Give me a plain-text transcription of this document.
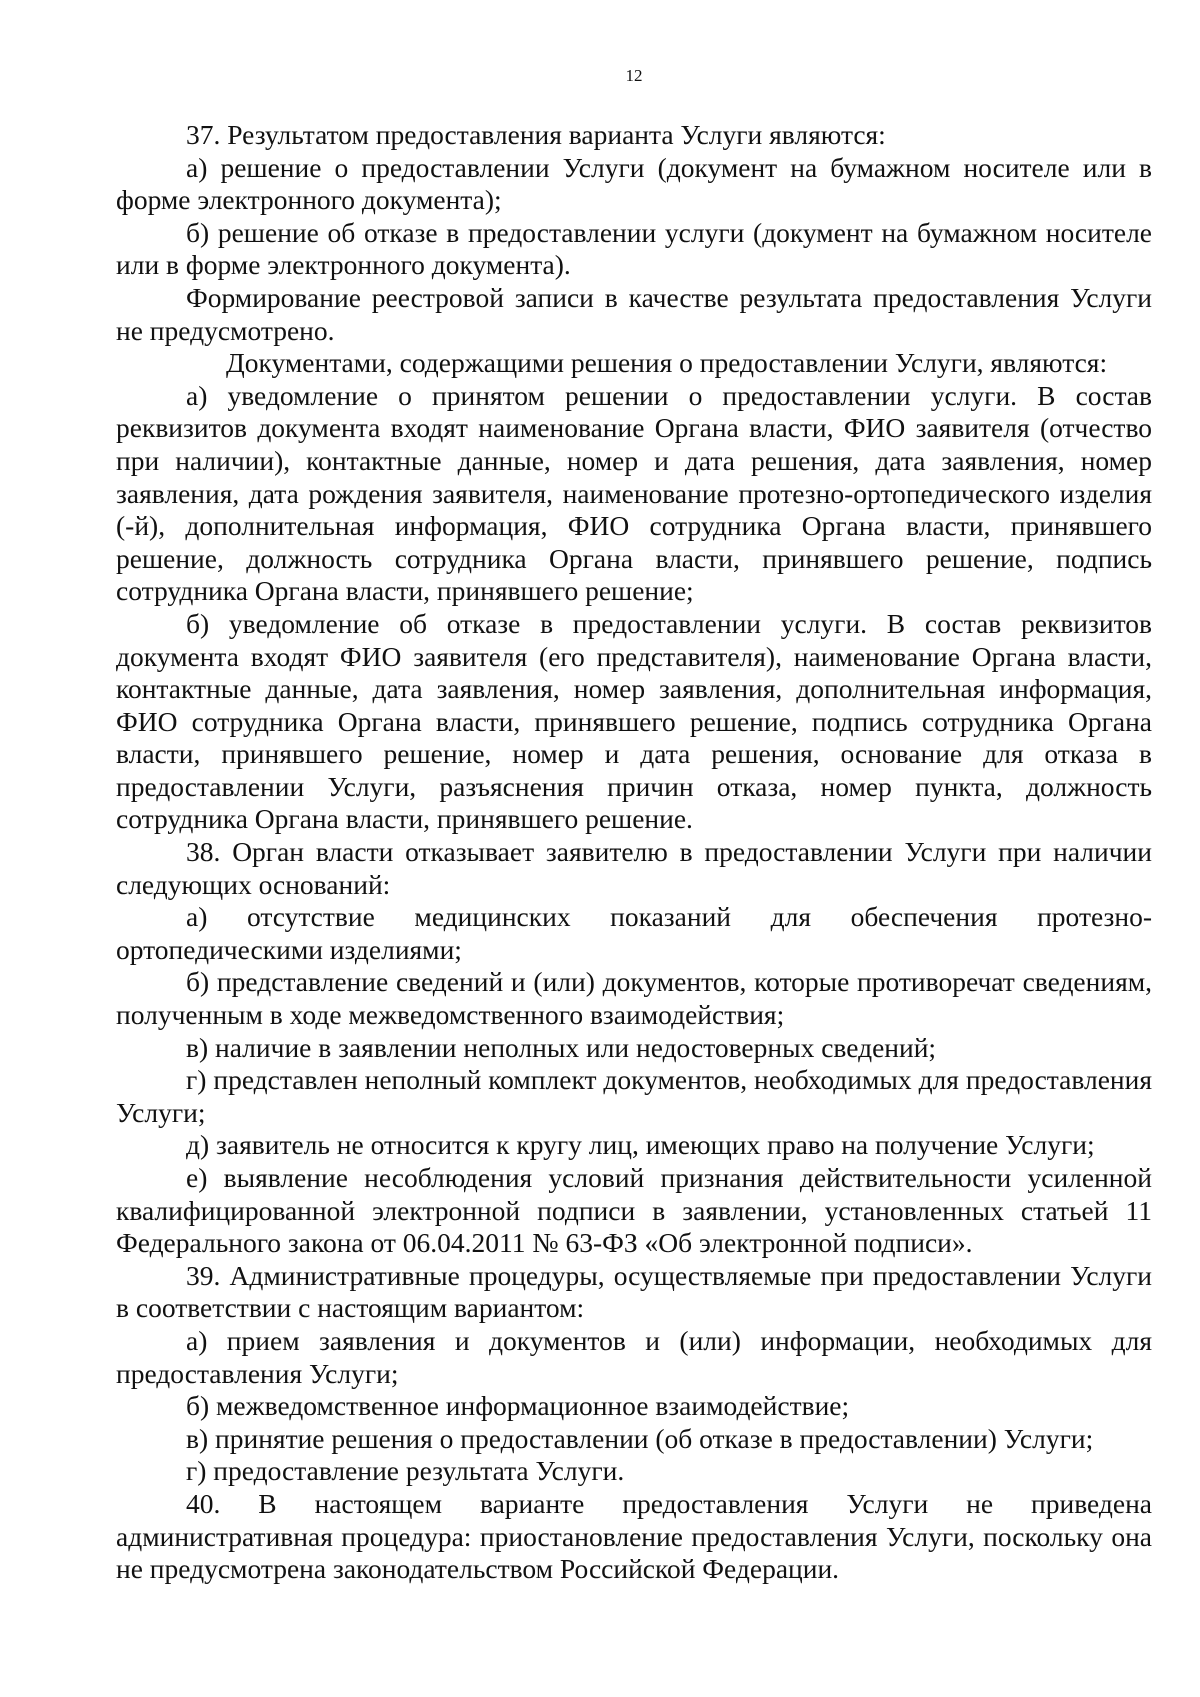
12

37. Результатом предоставления варианта Услуги являются:

а) решение о предоставлении Услуги (документ на бумажном носителе или в форме электронного документа);

б) решение об отказе в предоставлении услуги (документ на бумажном носителе или в форме электронного документа).

Формирование реестровой записи в качестве результата предоставления Услуги не предусмотрено.

Документами, содержащими решения о предоставлении Услуги, являются:

а) уведомление о принятом решении о предоставлении услуги. В состав реквизитов документа входят наименование Органа власти, ФИО заявителя (отчество при наличии), контактные данные, номер и дата решения, дата заявления, номер заявления, дата рождения заявителя, наименование протезно-ортопедического изделия (-й), дополнительная информация, ФИО сотрудника Органа власти, принявшего решение, должность сотрудника Органа власти, принявшего решение, подпись сотрудника Органа власти, принявшего решение;

б) уведомление об отказе в предоставлении услуги. В состав реквизитов документа входят ФИО заявителя (его представителя), наименование Органа власти, контактные данные, дата заявления, номер заявления, дополнительная информация, ФИО сотрудника Органа власти, принявшего решение, подпись сотрудника Органа власти, принявшего решение, номер и дата решения, основание для отказа в предоставлении Услуги, разъяснения причин отказа, номер пункта, должность сотрудника Органа власти, принявшего решение.

38. Орган власти отказывает заявителю в предоставлении Услуги при наличии следующих оснований:

а) отсутствие медицинских показаний для обеспечения протезно-ортопедическими изделиями;

б) представление сведений и (или) документов, которые противоречат сведениям, полученным в ходе межведомственного взаимодействия;

в) наличие в заявлении неполных или недостоверных сведений;

г) представлен неполный комплект документов, необходимых для предоставления Услуги;

д) заявитель не относится к кругу лиц, имеющих право на получение Услуги;

е) выявление несоблюдения условий признания действительности усиленной квалифицированной электронной подписи в заявлении, установленных статьей 11 Федерального закона от 06.04.2011 № 63-ФЗ «Об электронной подписи».

39. Административные процедуры, осуществляемые при предоставлении Услуги в соответствии с настоящим вариантом:

а) прием заявления и документов и (или) информации, необходимых для предоставления Услуги;

б) межведомственное информационное взаимодействие;

в) принятие решения о предоставлении (об отказе в предоставлении) Услуги;

г) предоставление результата Услуги.

40. В настоящем варианте предоставления Услуги не приведена административная процедура: приостановление предоставления Услуги, поскольку она не предусмотрена законодательством Российской Федерации.
